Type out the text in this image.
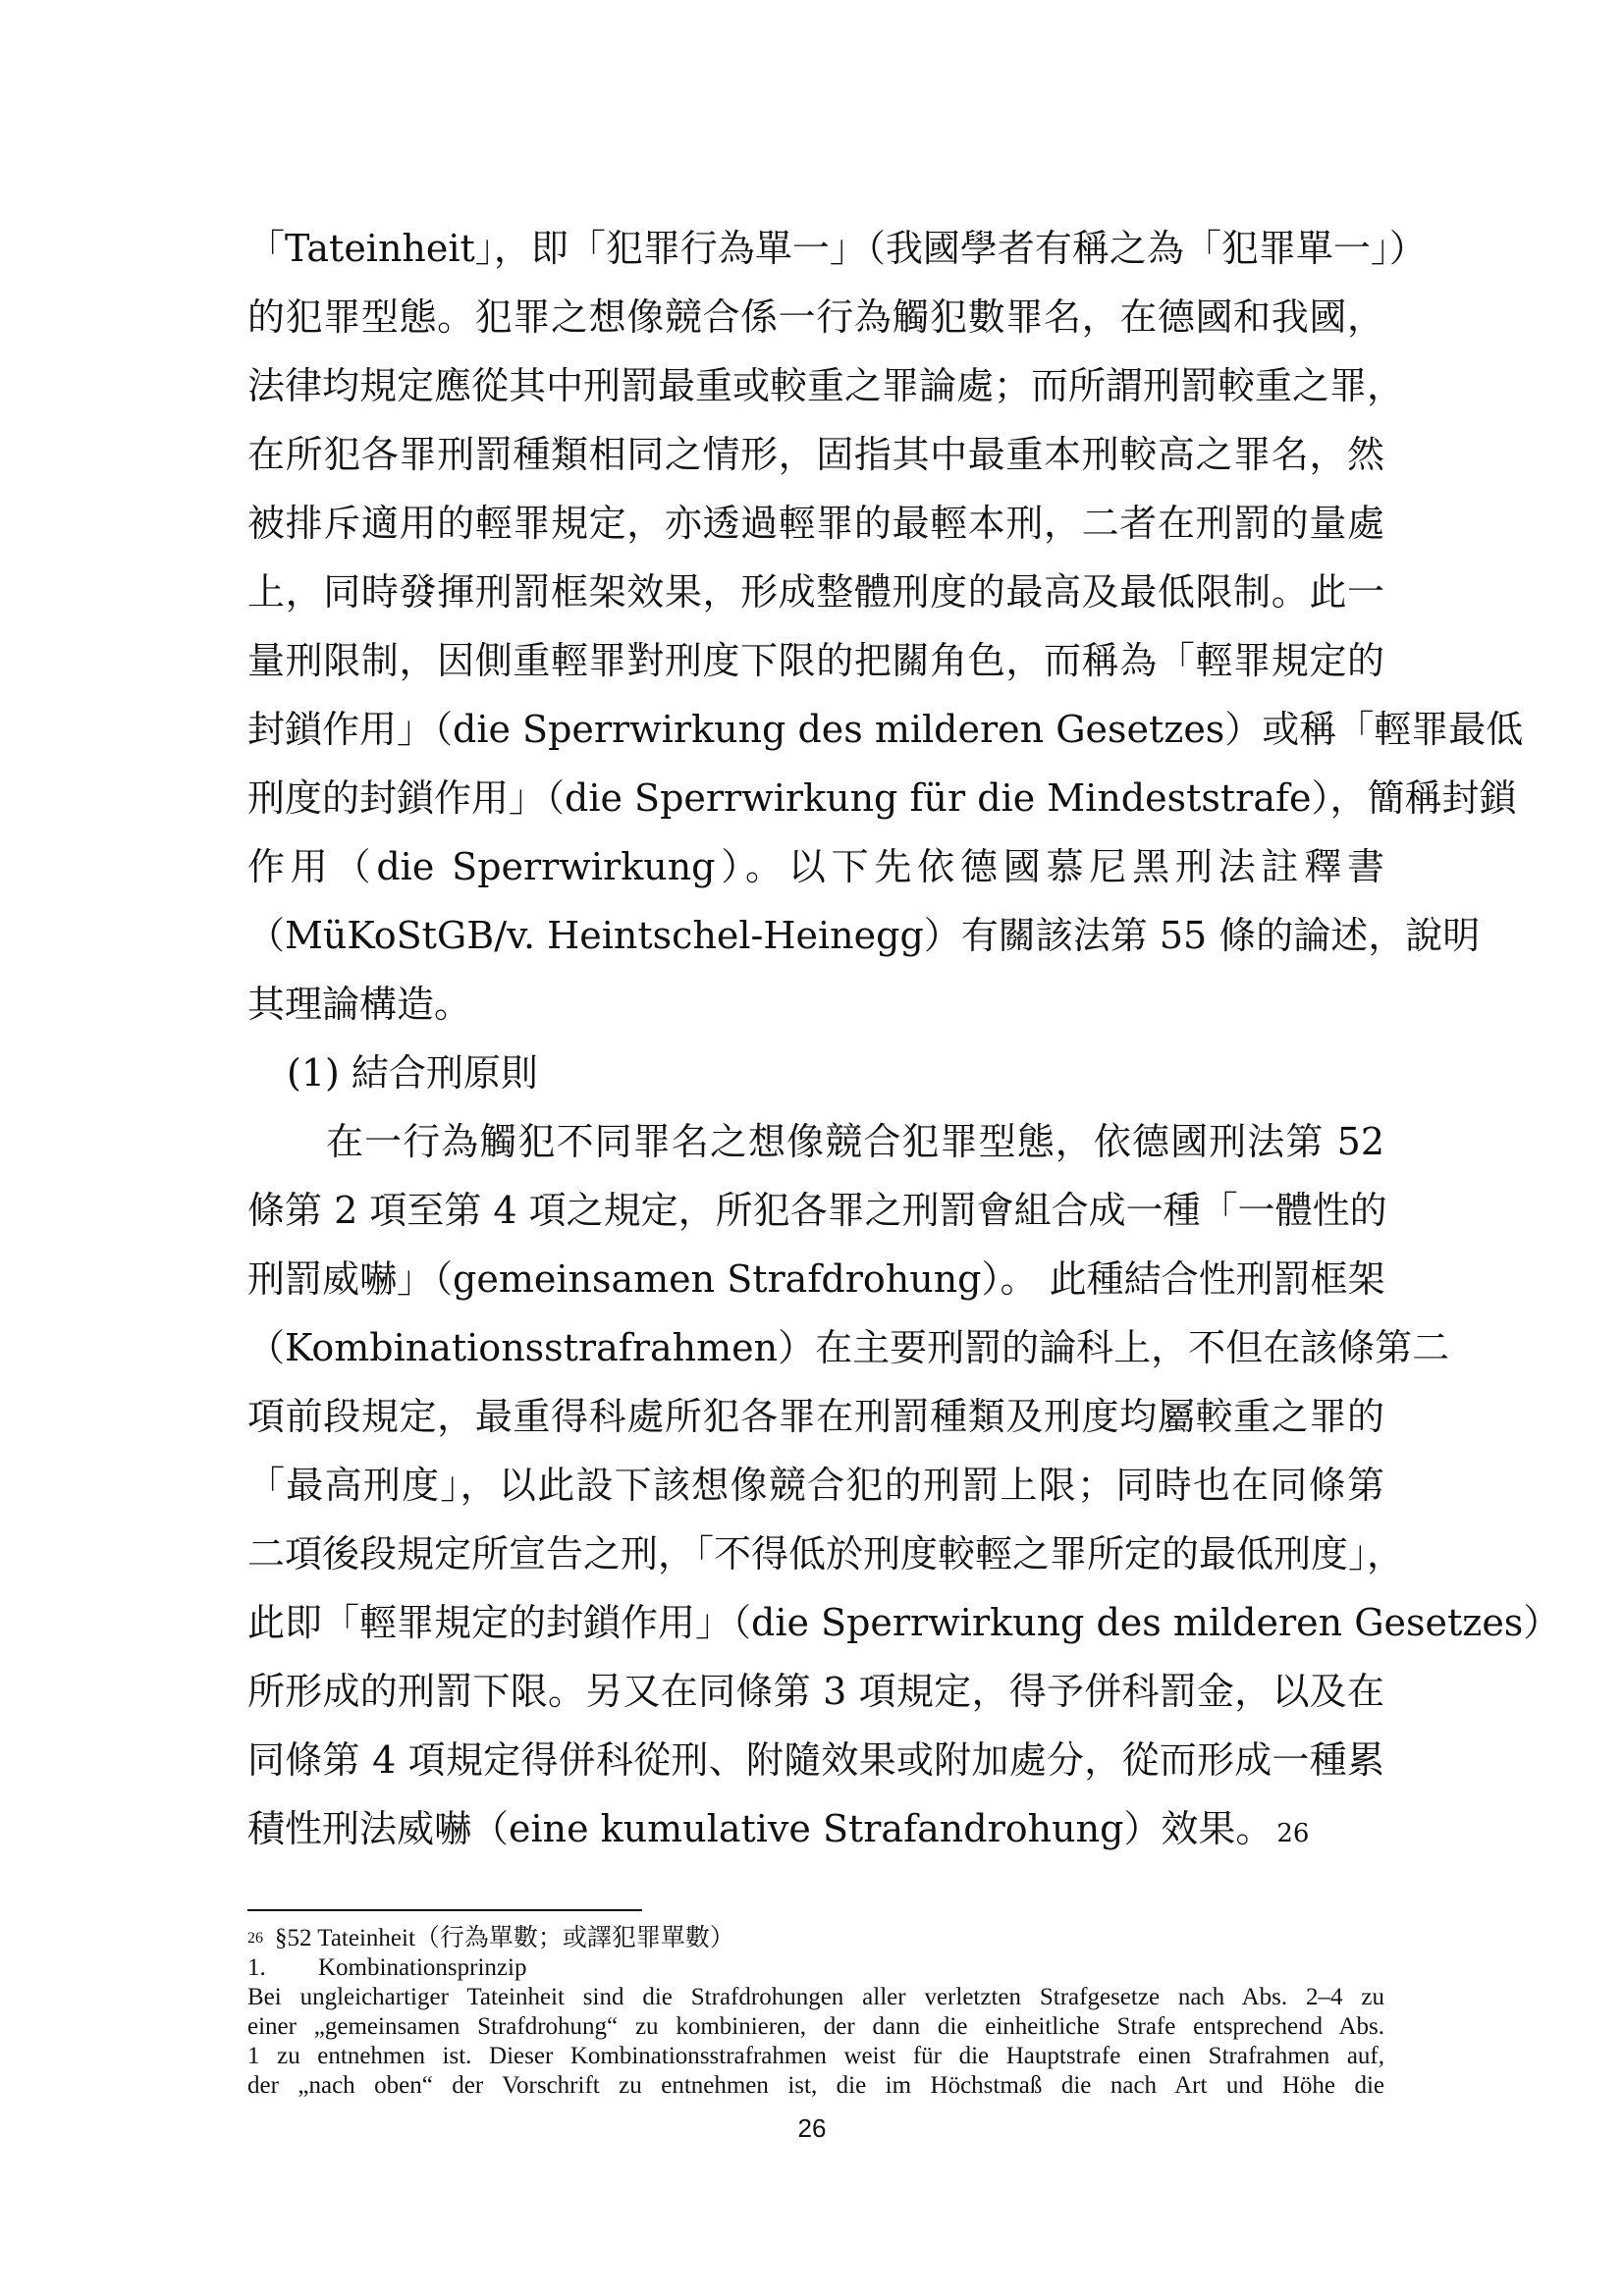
「Tateinheit」，即「犯罪行為單一」（我國學者有稱之為「犯罪單一」）
的犯罪型態。犯罪之想像競合係一行為觸犯數罪名，在德國和我國，
法律均規定應從其中刑罰最重或較重之罪論處；而所謂刑罰較重之罪，
在所犯各罪刑罰種類相同之情形，固指其中最重本刑較高之罪名，然
被排斥適用的輕罪規定，亦透過輕罪的最輕本刑，二者在刑罰的量處
上，同時發揮刑罰框架效果，形成整體刑度的最高及最低限制。此一
量刑限制，因側重輕罪對刑度下限的把關角色，而稱為「輕罪規定的
封鎖作用」（die Sperrwirkung des milderen Gesetzes）或稱「輕罪最低
刑度的封鎖作用」（die Sperrwirkung für die Mindeststrafe），簡稱封鎖
作用（die Sperrwirkung）。以下先依德國慕尼黑刑法註釋書
（MüKoStGB/v. Heintschel-Heinegg）有關該法第 55 條的論述，說明
其理論構造。
(1) 結合刑原則
在一行為觸犯不同罪名之想像競合犯罪型態，依德國刑法第 52
條第 2 項至第 4 項之規定，所犯各罪之刑罰會組合成一種「一體性的
刑罰威嚇」（gemeinsamen Strafdrohung）。 此種結合性刑罰框架
（Kombinationsstrafrahmen）在主要刑罰的論科上，不但在該條第二
項前段規定，最重得科處所犯各罪在刑罰種類及刑度均屬較重之罪的
「最高刑度」，以此設下該想像競合犯的刑罰上限；同時也在同條第
二項後段規定所宣告之刑，「不得低於刑度較輕之罪所定的最低刑度」，
此即「輕罪規定的封鎖作用」（die Sperrwirkung des milderen Gesetzes）
所形成的刑罰下限。另又在同條第 3 項規定，得予併科罰金，以及在
同條第 4 項規定得併科從刑、附隨效果或附加處分，從而形成一種累
積性刑法威嚇（eine kumulative Strafandrohung）效果。 26
$^{26}$ §52 Tateinheit（行為單數；或譯犯罪單數）
1. Kombinationsprinzip
Bei ungleichartiger Tateinheit sind die Strafdrohungen aller verletzten Strafgesetze nach Abs. 2–4 zu
einer „gemeinsamen Strafdrohung“ zu kombinieren, der dann die einheitliche Strafe entsprechend Abs.
1 zu entnehmen ist. Dieser Kombinationsstrafrahmen weist für die Hauptstrafe einen Strafrahmen auf,
der „nach oben“ der Vorschrift zu entnehmen ist, die im Höchstmaß die nach Art und Höhe die
26
